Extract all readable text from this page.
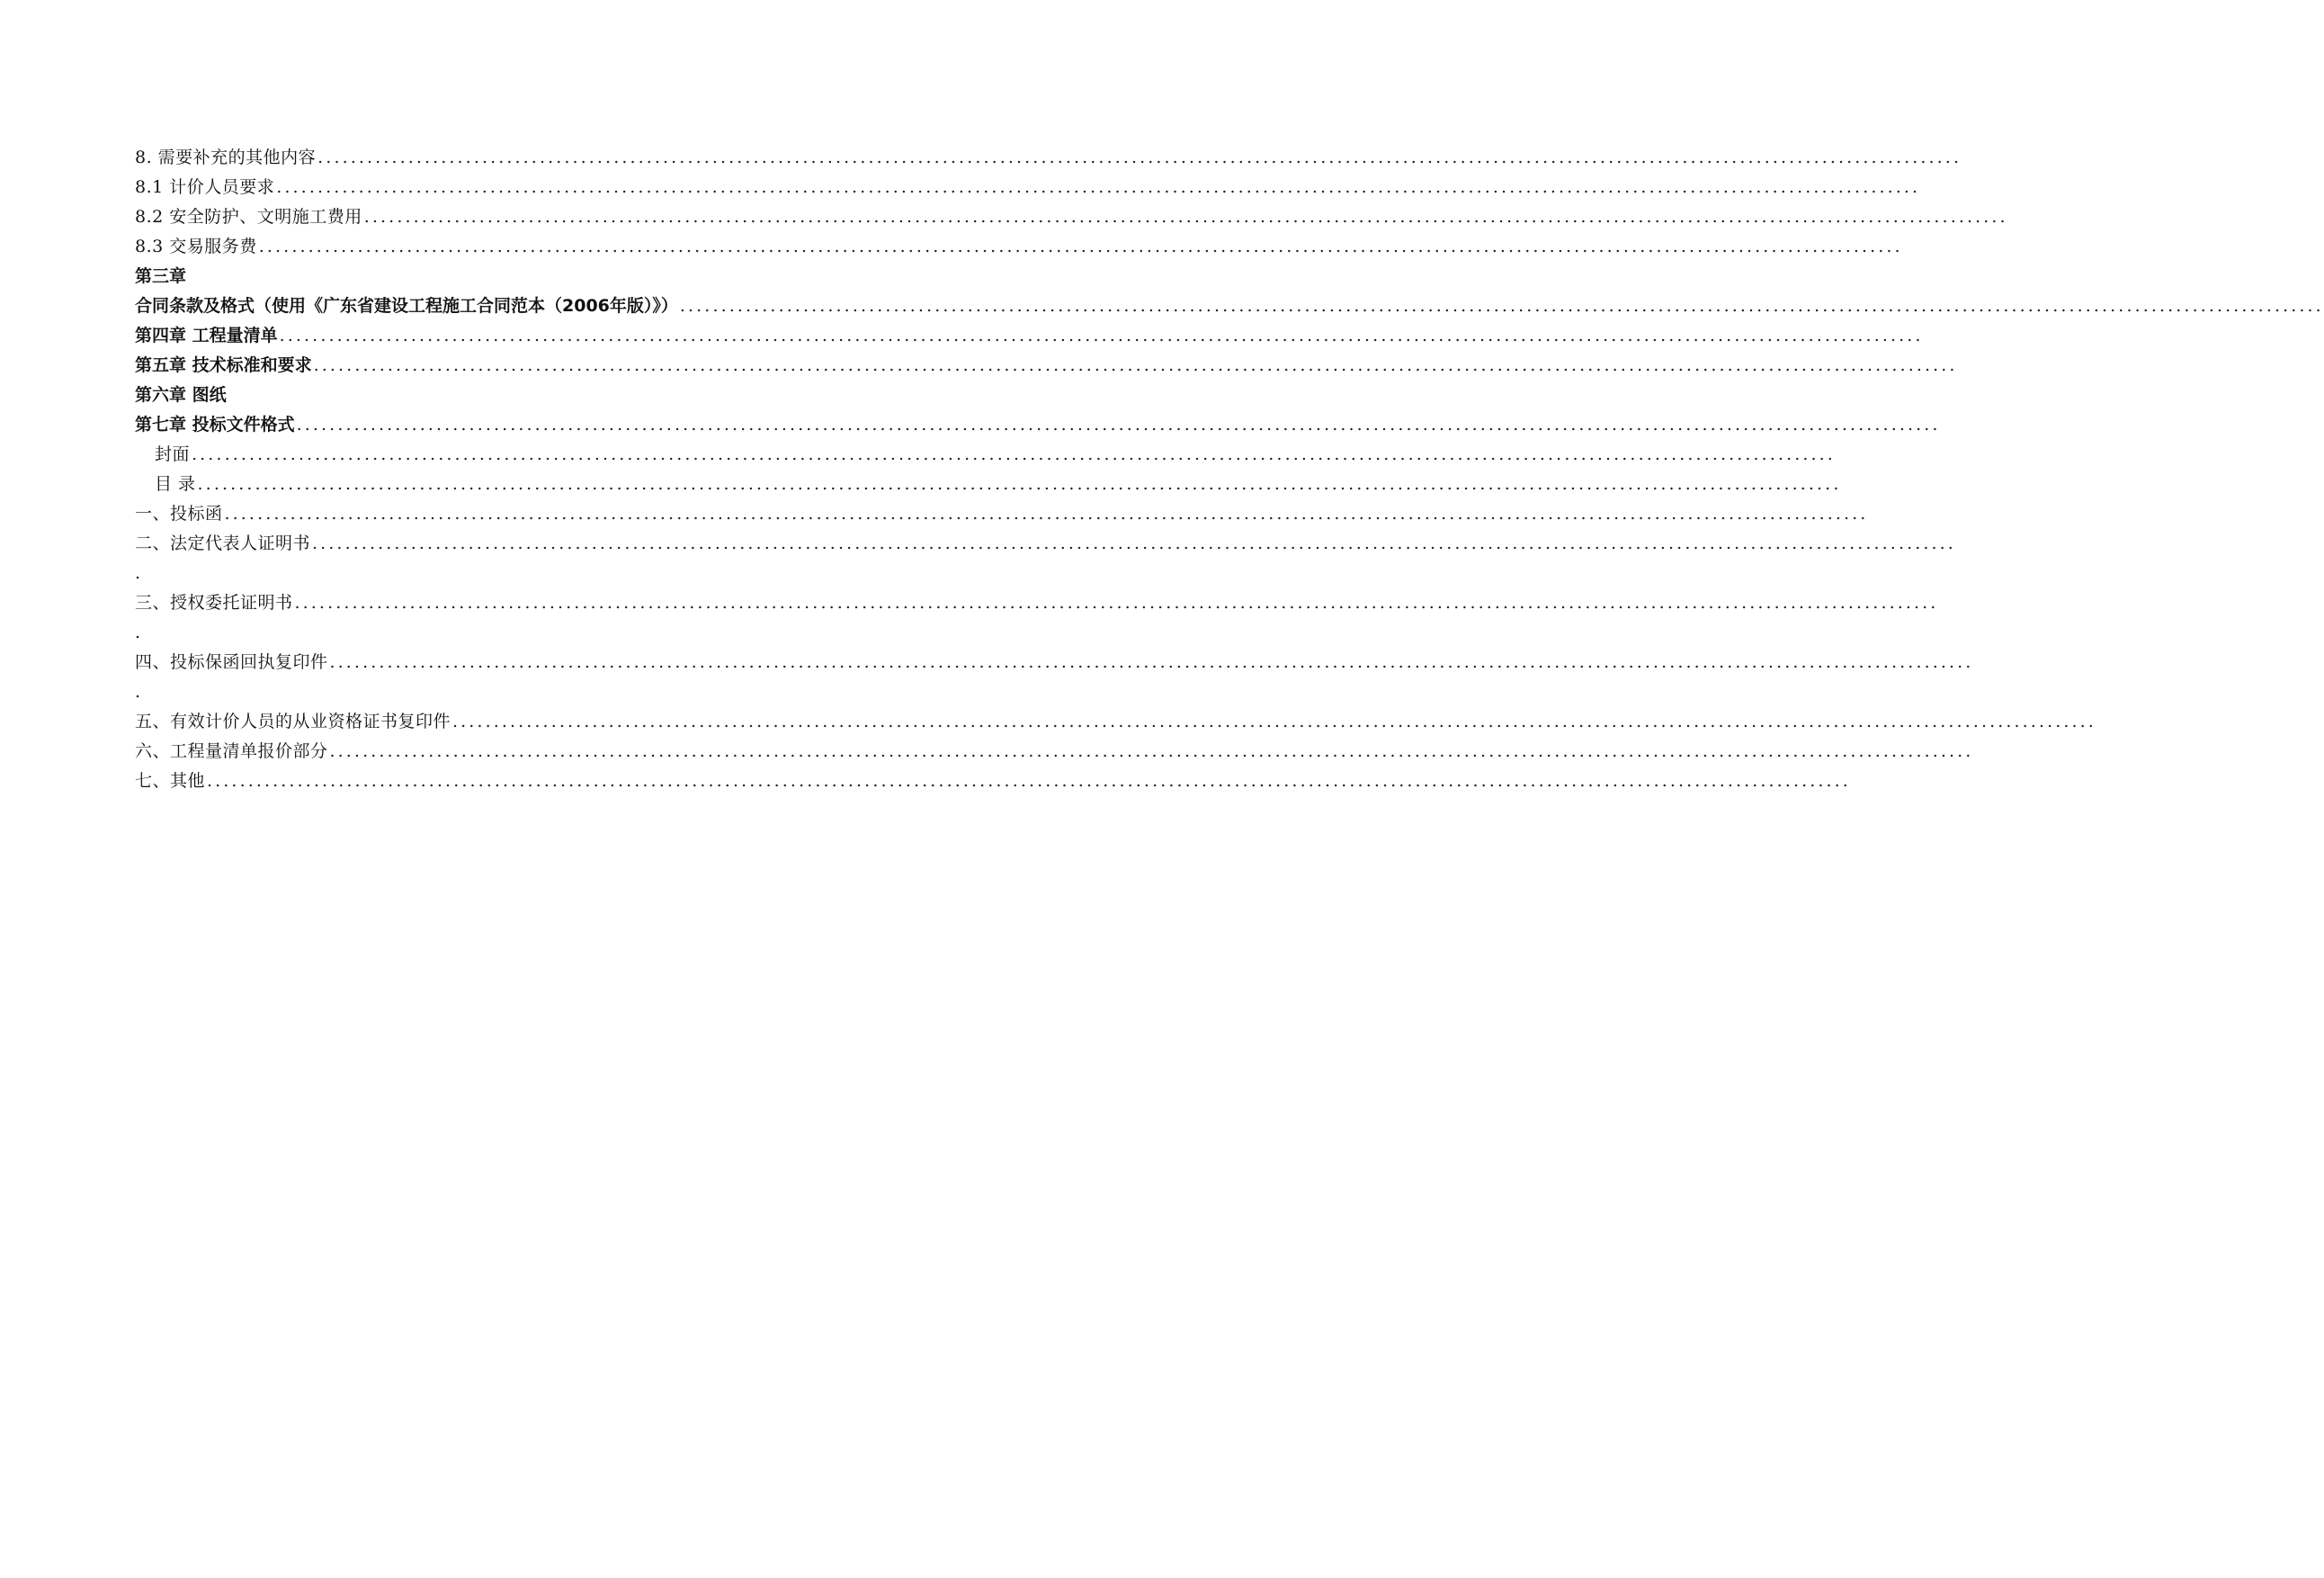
8. 需要补充的其他内容 ........................................................................................................................................................................................................
8.1 计价人员要求 ........................................................................................................................................................................................................
8.2 安全防护、文明施工费用 ........................................................................................................................................................................................................
8.3 交易服务费 ........................................................................................................................................................................................................
第三章
合同条款及格式（使用《广东省建设工程施工合同范本（2006年版）》） ........................................................................................................................................................................................................
第四章 工程量清单 ........................................................................................................................................................................................................
第五章 技术标准和要求 ........................................................................................................................................................................................................
第六章 图纸
第七章 投标文件格式 ........................................................................................................................................................................................................
封面 ........................................................................................................................................................................................................
目 录 ........................................................................................................................................................................................................
一、投标函 ........................................................................................................................................................................................................
二、法定代表人证明书 ........................................................................................................................................................................................................
.
三、授权委托证明书 ........................................................................................................................................................................................................
.
四、投标保函回执复印件 ........................................................................................................................................................................................................
.
五、有效计价人员的从业资格证书复印件 ........................................................................................................................................................................................................
六、工程量清单报价部分 ........................................................................................................................................................................................................
七、其他 ........................................................................................................................................................................................................
